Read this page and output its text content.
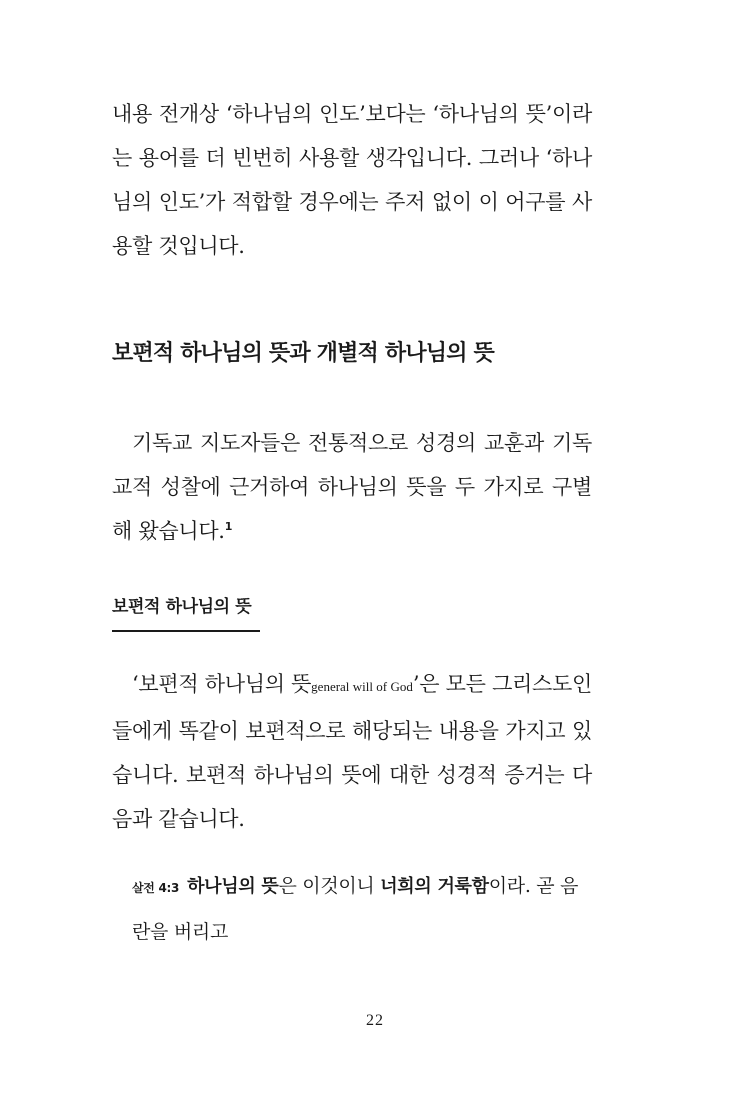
내용 전개상 ‘하나님의 인도’보다는 ‘하나님의 뜻’이라는 용어를 더 빈번히 사용할 생각입니다. 그러나 ‘하나님의 인도’가 적합할 경우에는 주저 없이 이 어구를 사용할 것입니다.
보편적 하나님의 뜻과 개별적 하나님의 뜻
기독교 지도자들은 전통적으로 성경의 교훈과 기독교적 성찰에 근거하여 하나님의 뜻을 두 가지로 구별해 왔습니다.$^1$
보편적 하나님의 뜻
‘보편적 하나님의 뜻general will of God’은 모든 그리스도인들에게 똑같이 보편적으로 해당되는 내용을 가지고 있습니다. 보편적 하나님의 뜻에 대한 성경적 증거는 다음과 같습니다.
살전 4:3 하나님의 뜻은 이것이니 너희의 거룩함이라. 곧 음란을 버리고
22
